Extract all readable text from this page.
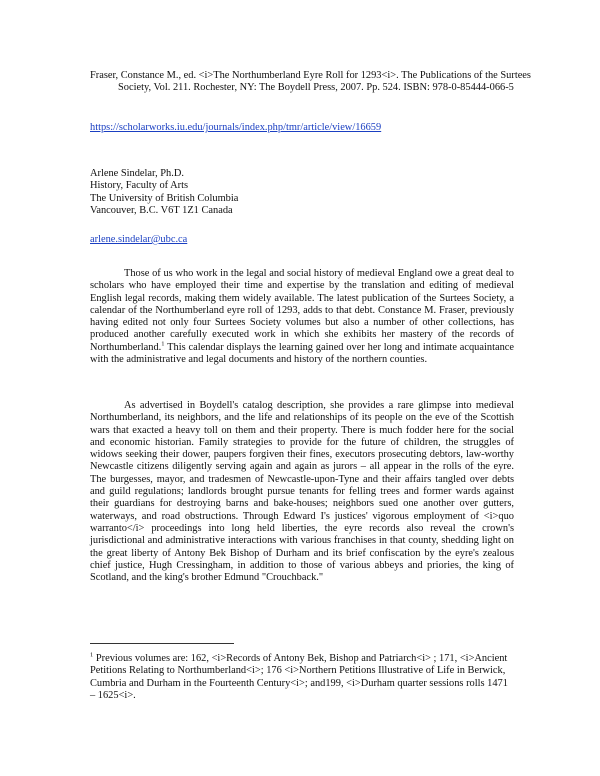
Fraser, Constance M., ed. <i>The Northumberland Eyre Roll for 1293<i>. The Publications of the Surtees Society, Vol. 211. Rochester, NY: The Boydell Press, 2007. Pp. 524. ISBN: 978-0-85444-066-5
https://scholarworks.iu.edu/journals/index.php/tmr/article/view/16659
Arlene Sindelar, Ph.D.
History, Faculty of Arts
The University of British Columbia
Vancouver, B.C. V6T 1Z1 Canada
arlene.sindelar@ubc.ca
Those of us who work in the legal and social history of medieval England owe a great deal to scholars who have employed their time and expertise by the translation and editing of medieval English legal records, making them widely available. The latest publication of the Surtees Society, a calendar of the Northumberland eyre roll of 1293, adds to that debt. Constance M. Fraser, previously having edited not only four Surtees Society volumes but also a number of other collections, has produced another carefully executed work in which she exhibits her mastery of the records of Northumberland.$^1$ This calendar displays the learning gained over her long and intimate acquaintance with the administrative and legal documents and history of the northern counties.
As advertised in Boydell's catalog description, she provides a rare glimpse into medieval Northumberland, its neighbors, and the life and relationships of its people on the eve of the Scottish wars that exacted a heavy toll on them and their property. There is much fodder here for the social and economic historian. Family strategies to provide for the future of children, the struggles of widows seeking their dower, paupers forgiven their fines, executors prosecuting debtors, law-worthy Newcastle citizens diligently serving again and again as jurors – all appear in the rolls of the eyre. The burgesses, mayor, and tradesmen of Newcastle-upon-Tyne and their affairs tangled over debts and guild regulations; landlords brought pursue tenants for felling trees and former wards against their guardians for destroying barns and bake-houses; neighbors sued one another over gutters, waterways, and road obstructions. Through Edward I's justices' vigorous employment of <i>quo warranto</i> proceedings into long held liberties, the eyre records also reveal the crown's jurisdictional and administrative interactions with various franchises in that county, shedding light on the great liberty of Antony Bek Bishop of Durham and its brief confiscation by the eyre's zealous chief justice, Hugh Cressingham, in addition to those of various abbeys and priories, the king of Scotland, and the king's brother Edmund "Crouchback."
$^1$ Previous volumes are: 162, <i>Records of Antony Bek, Bishop and Patriarch<i> ; 171, <i>Ancient Petitions Relating to Northumberland<i>; 176 <i>Northern Petitions Illustrative of Life in Berwick, Cumbria and Durham in the Fourteenth Century<i>; and199, <i>Durham quarter sessions rolls 1471 – 1625<i>.
